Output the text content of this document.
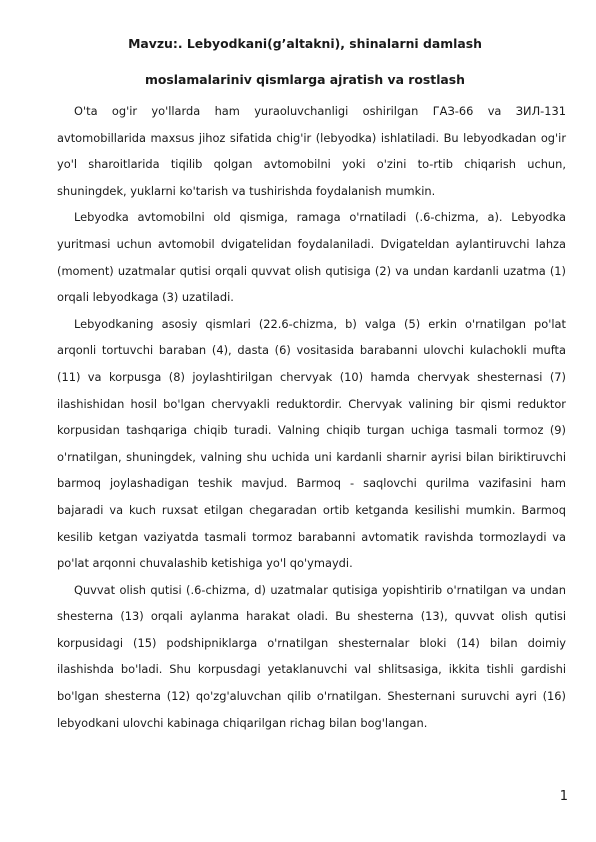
Mavzu:. Lebyodkani(g’altakni), shinalarni damlash
moslamalariniv qismlarga ajratish va rostlash

O'ta og'ir yo'llarda ham yuraoluvchanligi oshirilgan ГАЗ-66 va ЗИЛ-131 avtomobillarida maxsus jihoz sifatida chig'ir (lebyodka) ishlatiladi. Bu lebyodkadan og'ir yo'l sharoitlarida tiqilib qolgan avtomobilni yoki o'zini to-rtib chiqarish uchun, shuningdek, yuklarni ko'tarish va tushirishda foydalanish mumkin.

Lebyodka avtomobilni old qismiga, ramaga o'rnatiladi (.6-chizma, a). Lebyodka yuritmasi uchun avtomobil dvigatelidan foydalaniladi. Dvigateldan aylantiruvchi lahza (moment) uzatmalar qutisi orqali quvvat olish qutisiga (2) va undan kardanli uzatma (1) orqali lebyodkaga (3) uzatiladi.

Lebyodkaning asosiy qismlari (22.6-chizma, b) valga (5) erkin o'rnatilgan po'lat arqonli tortuvchi baraban (4), dasta (6) vositasida barabanni ulovchi kulachokli mufta (11) va korpusga (8) joylashtirilgan chervyak (10) hamda chervyak shesternasi (7) ilashishidan hosil bo'lgan chervyakli reduktordir. Chervyak valining bir qismi reduktor korpusidan tashqariga chiqib turadi. Valning chiqib turgan uchiga tasmali tormoz (9) o'rnatilgan, shuningdek, valning shu uchida uni kardanli sharnir ayrisi bilan biriktiruvchi barmoq joylashadigan teshik mavjud. Barmoq - saqlovchi qurilma vazifasini ham bajaradi va kuch ruxsat etilgan chegaradan ortib ketganda kesilishi mumkin. Barmoq kesilib ketgan vaziyatda tasmali tormoz barabanni avtomatik ravishda tormozlaydi va po'lat arqonni chuvalashib ketishiga yo'l qo'ymaydi.

Quvvat olish qutisi (.6-chizma, d) uzatmalar qutisiga yopishtirib o'rnatilgan va undan shesterna (13) orqali aylanma harakat oladi. Bu shesterna (13), quvvat olish qutisi korpusidagi (15) podshipniklarga o'rnatilgan shesternalar bloki (14) bilan doimiy ilashishda bo'ladi. Shu korpusdagi yetaklanuvchi val shlitsasiga, ikkita tishli gardishi bo'lgan shesterna (12) qo'zg'aluvchan qilib o'rnatilgan. Shesternani suruvchi ayri (16) lebyodkani ulovchi kabinaga chiqarilgan richag bilan bog'langan.

1
